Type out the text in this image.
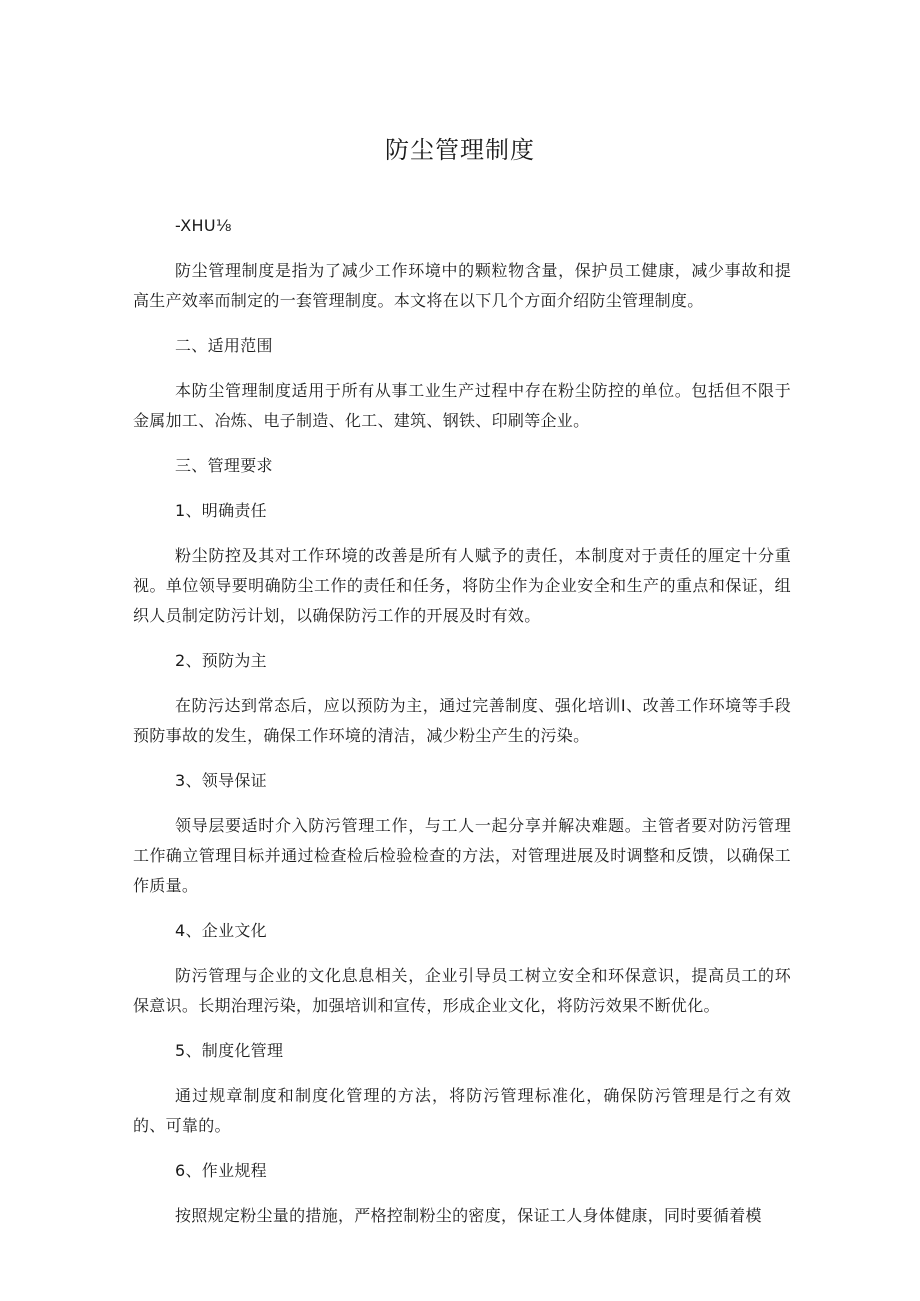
防尘管理制度
-XHU⅛
防尘管理制度是指为了减少工作环境中的颗粒物含量，保护员工健康，减少事故和提高生产效率而制定的一套管理制度。本文将在以下几个方面介绍防尘管理制度。
二、适用范围
本防尘管理制度适用于所有从事工业生产过程中存在粉尘防控的单位。包括但不限于金属加工、冶炼、电子制造、化工、建筑、钢铁、印刷等企业。
三、管理要求
1、明确责任
粉尘防控及其对工作环境的改善是所有人赋予的责任，本制度对于责任的厘定十分重视。单位领导要明确防尘工作的责任和任务，将防尘作为企业安全和生产的重点和保证，组织人员制定防污计划，以确保防污工作的开展及时有效。
2、预防为主
在防污达到常态后，应以预防为主，通过完善制度、强化培训I、改善工作环境等手段预防事故的发生，确保工作环境的清洁，减少粉尘产生的污染。
3、领导保证
领导层要适时介入防污管理工作，与工人一起分享并解决难题。主管者要对防污管理工作确立管理目标并通过检查检后检验检查的方法，对管理进展及时调整和反馈，以确保工作质量。
4、企业文化
防污管理与企业的文化息息相关，企业引导员工树立安全和环保意识，提高员工的环保意识。长期治理污染，加强培训和宣传，形成企业文化，将防污效果不断优化。
5、制度化管理
通过规章制度和制度化管理的方法，将防污管理标准化，确保防污管理是行之有效的、可靠的。
6、作业规程
按照规定粉尘量的措施，严格控制粉尘的密度，保证工人身体健康，同时要循着模
